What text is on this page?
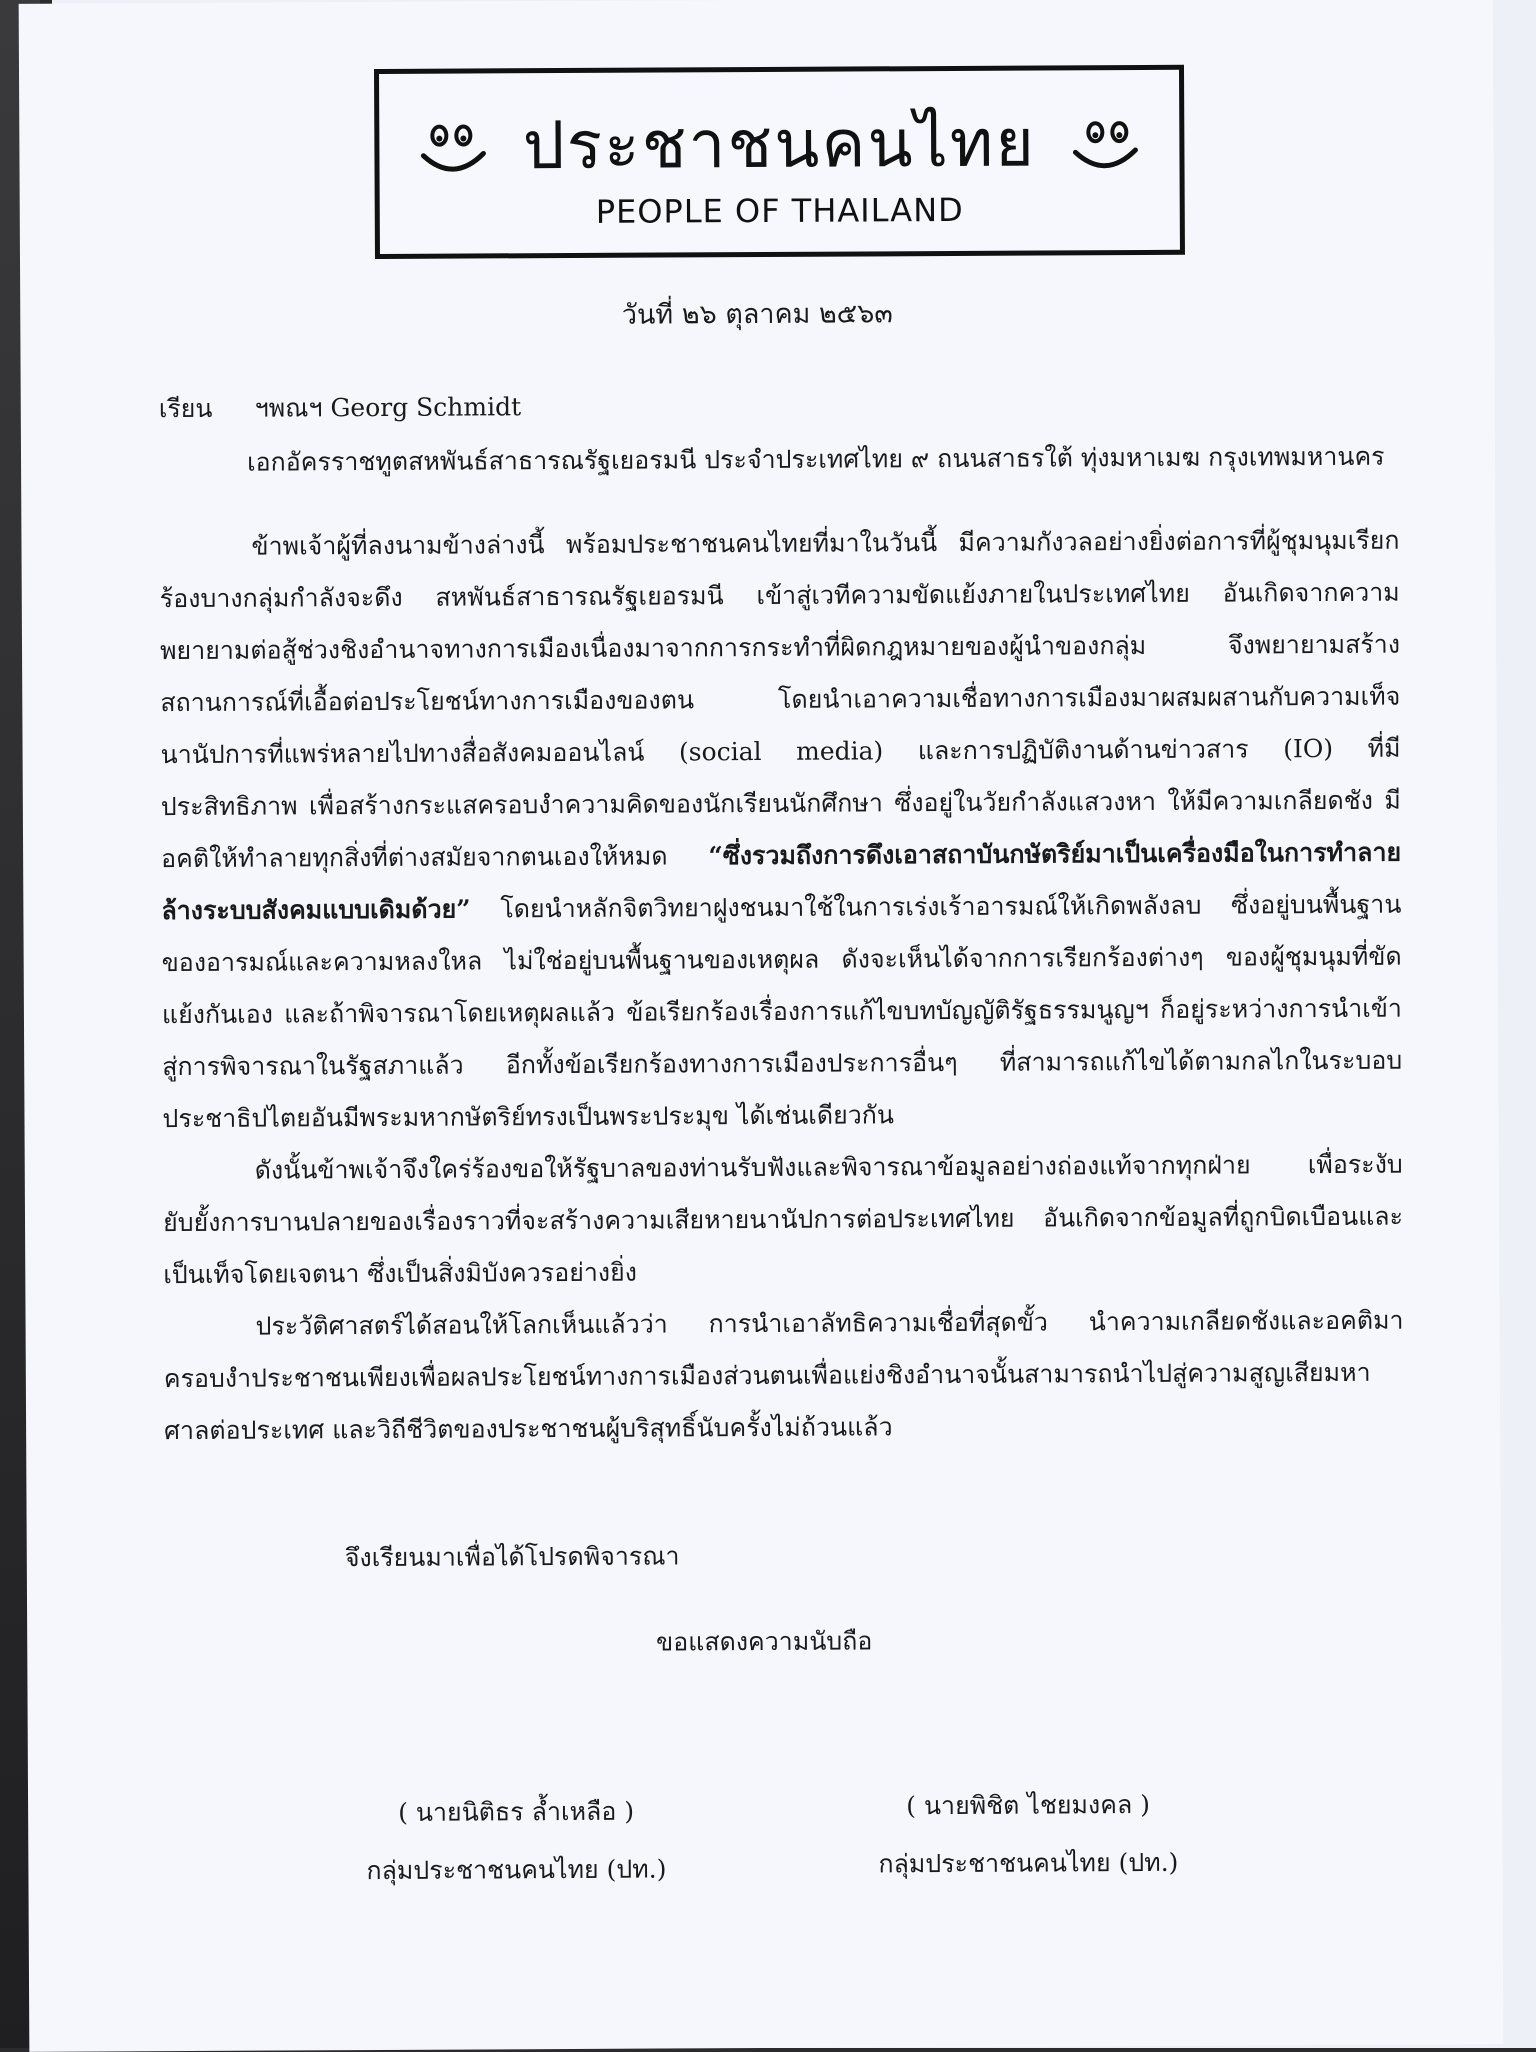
ประชาชนคนไทย
PEOPLE OF THAILAND
วันที่ ๒๖ ตุลาคม ๒๕๖๓
เรียน ฯพณฯ Georg Schmidt
เอกอัครราชทูตสหพันธ์สาธารณรัฐเยอรมนี ประจำประเทศไทย ๙ ถนนสาธรใต้ ทุ่งมหาเมฆ กรุงเทพมหานคร

ข้าพเจ้าผู้ที่ลงนามข้างล่างนี้ พร้อมประชาชนคนไทยที่มาในวันนี้ มีความกังวลอย่างยิ่งต่อการที่ผู้ชุมนุมเรียกร้องบางกลุ่มกำลังจะดึง สหพันธ์สาธารณรัฐเยอรมนี เข้าสู่เวทีความขัดแย้งภายในประเทศไทย อันเกิดจากความพยายามต่อสู้ช่วงชิงอำนาจทางการเมืองเนื่องมาจากการกระทำที่ผิดกฎหมายของผู้นำของกลุ่ม จึงพยายามสร้างสถานการณ์ที่เอื้อต่อประโยชน์ทางการเมืองของตน โดยนำเอาความเชื่อทางการเมืองมาผสมผสานกับความเท็จนานัปการที่แพร่หลายไปทางสื่อสังคมออนไลน์ (social media) และการปฏิบัติงานด้านข่าวสาร (IO) ที่มีประสิทธิภาพ เพื่อสร้างกระแสครอบงำความคิดของนักเรียนนักศึกษา ซึ่งอยู่ในวัยกำลังแสวงหา ให้มีความเกลียดชัง มีอคติให้ทำลายทุกสิ่งที่ต่างสมัยจากตนเองให้หมด “ซึ่งรวมถึงการดึงเอาสถาบันกษัตริย์มาเป็นเครื่องมือในการทำลายล้างระบบสังคมแบบเดิมด้วย” โดยนำหลักจิตวิทยาฝูงชนมาใช้ในการเร่งเร้าอารมณ์ให้เกิดพลังลบ ซึ่งอยู่บนพื้นฐานของอารมณ์และความหลงใหล ไม่ใช่อยู่บนพื้นฐานของเหตุผล ดังจะเห็นได้จากการเรียกร้องต่างๆ ของผู้ชุมนุมที่ขัดแย้งกันเอง และถ้าพิจารณาโดยเหตุผลแล้ว ข้อเรียกร้องเรื่องการแก้ไขบทบัญญัติรัฐธรรมนูญฯ ก็อยู่ระหว่างการนำเข้าสู่การพิจารณาในรัฐสภาแล้ว อีกทั้งข้อเรียกร้องทางการเมืองประการอื่นๆ ที่สามารถแก้ไขได้ตามกลไกในระบอบประชาธิปไตยอันมีพระมหากษัตริย์ทรงเป็นพระประมุข ได้เช่นเดียวกัน

ดังนั้นข้าพเจ้าจึงใคร่ร้องขอให้รัฐบาลของท่านรับฟังและพิจารณาข้อมูลอย่างถ่องแท้จากทุกฝ่าย เพื่อระงับยับยั้งการบานปลายของเรื่องราวที่จะสร้างความเสียหายนานัปการต่อประเทศไทย อันเกิดจากข้อมูลที่ถูกบิดเบือนและเป็นเท็จโดยเจตนา ซึ่งเป็นสิ่งมิบังควรอย่างยิ่ง

ประวัติศาสตร์ได้สอนให้โลกเห็นแล้วว่า การนำเอาลัทธิความเชื่อที่สุดขั้ว นำความเกลียดชังและอคติมาครอบงำประชาชนเพียงเพื่อผลประโยชน์ทางการเมืองส่วนตนเพื่อแย่งชิงอำนาจนั้นสามารถนำไปสู่ความสูญเสียมหาศาลต่อประเทศ และวิถีชีวิตของประชาชนผู้บริสุทธิ์นับครั้งไม่ถ้วนแล้ว

จึงเรียนมาเพื่อได้โปรดพิจารณา
ขอแสดงความนับถือ
( นายนิติธร ล้ำเหลือ )
กลุ่มประชาชนคนไทย (ปท.)
( นายพิชิต ไชยมงคล )
กลุ่มประชาชนคนไทย (ปท.)
